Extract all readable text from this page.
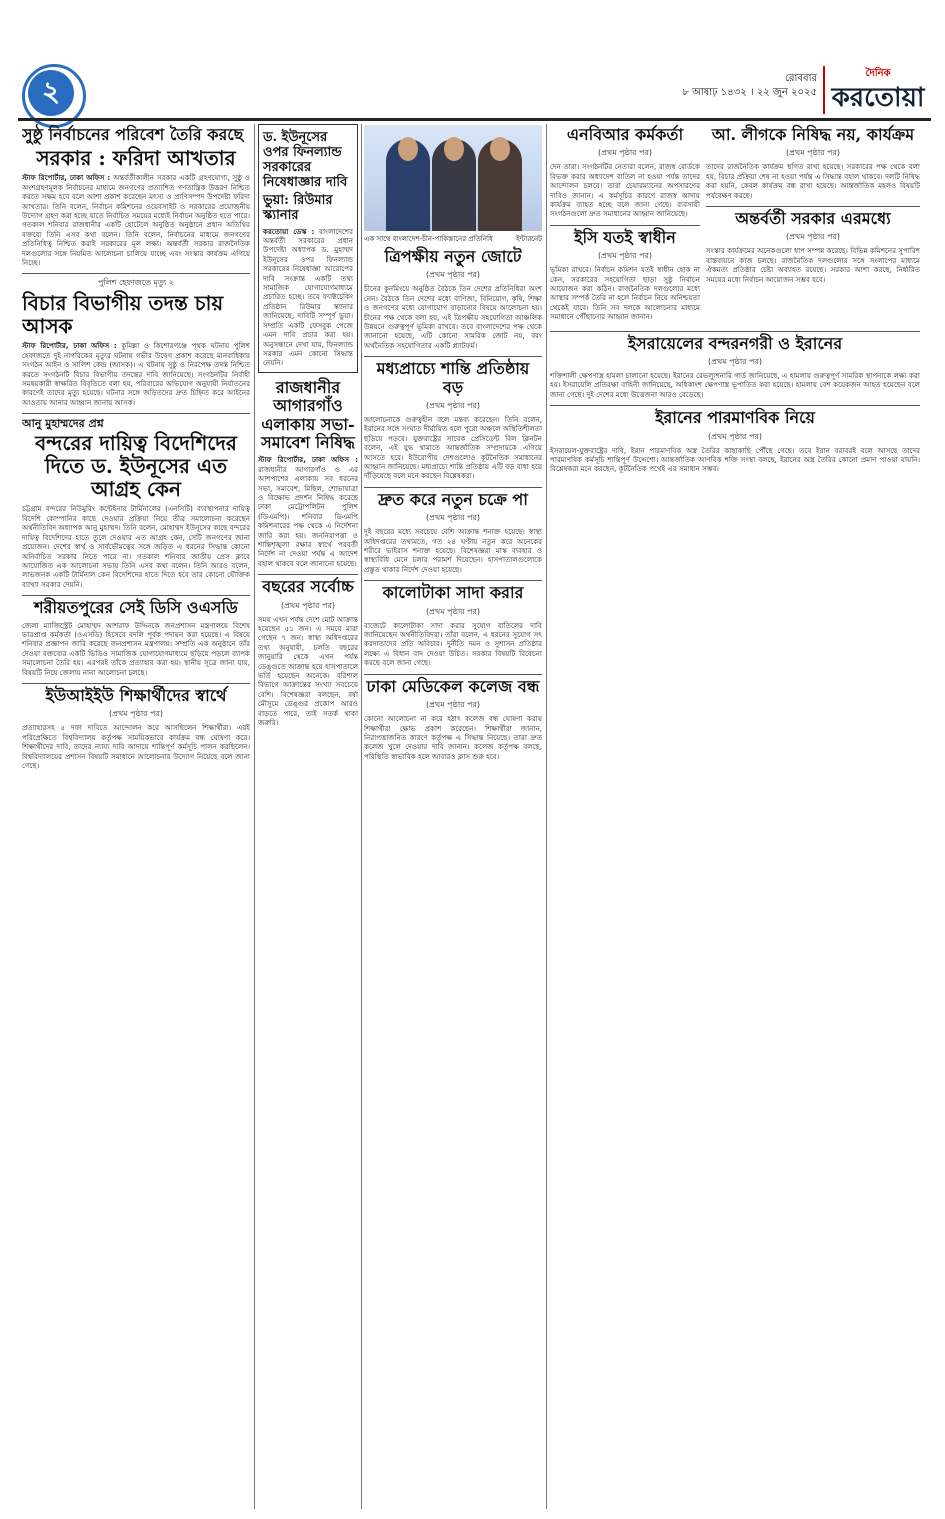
২	রোববার
৮ আষাঢ় ১৪৩২ । ২২ জুন ২০২৫
দৈনিক
করতোয়া
সুষ্ঠু নির্বাচনের পরিবেশ তৈরি করছে
সরকার : ফরিদা আখতার
স্টাফ রিপোর্টার, ঢাকা অফিস : অন্তর্বর্তীকালীন সরকার একটি গ্রহণযোগ্য, সুষ্ঠু ও অংশগ্রহণমূলক নির্বাচনের মাধ্যমে জনগণের প্রত্যাশিত গণতান্ত্রিক উত্তরণ নিশ্চিত করতে সক্ষম হবে বলে আশা প্রকাশ করেছেন মৎস্য ও প্রাণিসম্পদ উপদেষ্টা ফরিদা আখতার। তিনি বলেন, নির্বাচন কমিশনের ওয়েবসাইট ও সরকারের প্রয়োজনীয় উদ্যোগ গ্রহণ করা হচ্ছে যাতে নির্বাচিত সময়ের মধ্যেই নির্বাচন অনুষ্ঠিত হতে পারে। গতকাল শনিবার রাজধানীর একটি হোটেলে অনুষ্ঠিত অনুষ্ঠানে প্রধান অতিথির বক্তব্যে তিনি এসব কথা বলেন। তিনি বলেন, নির্বাচনের মাধ্যমে জনগণের প্রতিনিধিত্ব নিশ্চিত করাই সরকারের মূল লক্ষ্য। অন্তর্বর্তী সরকার রাজনৈতিক দলগুলোর সঙ্গে নিয়মিত আলোচনা চালিয়ে যাচ্ছে এবং সংস্কার কার্যক্রম এগিয়ে নিচ্ছে।
পুলিশ হেফাজতে মৃত্যু ২
বিচার বিভাগীয় তদন্ত চায় আসক
স্টাফ রিপোর্টার, ঢাকা অফিস : কুমিল্লা ও কিশোরগঞ্জে পৃথক ঘটনায় পুলিশ হেফাজতে দুই নাগরিকের মৃত্যুর ঘটনায় গভীর উদ্বেগ প্রকাশ করেছে মানবাধিকার সংগঠন আইন ও সালিশ কেন্দ্র (আসক)। এ ঘটনায় সুষ্ঠু ও নিরপেক্ষ তদন্ত নিশ্চিত করতে সংগঠনটি বিচার বিভাগীয় তদন্তের দাবি জানিয়েছে। সংগঠনটির নির্বাহী সমন্বয়কারী স্বাক্ষরিত বিবৃতিতে বলা হয়, পরিবারের অভিযোগ অনুযায়ী নির্যাতনের কারণেই তাদের মৃত্যু হয়েছে। ঘটনার সঙ্গে জড়িতদের দ্রুত চিহ্নিত করে আইনের আওতায় আনার আহ্বান জানায় আসক।
আনু মুহাম্মদের প্রশ্ন
বন্দরের দায়িত্ব বিদেশিদের দিতে ড. ইউনূসের এত আগ্রহ কেন
চট্টগ্রাম বন্দরের নিউমুরিং কন্টেইনার টার্মিনালের (এনসিটি) ব্যবস্থাপনার দায়িত্ব বিদেশি কোম্পানির কাছে দেওয়ার প্রক্রিয়া নিয়ে তীব্র সমালোচনা করেছেন অর্থনীতিবিদ অধ্যাপক আনু মুহাম্মদ। তিনি বলেন, মোহাম্মদ ইউনূসের কাছে বন্দরের দায়িত্ব বিদেশিদের হাতে তুলে দেওয়ার এত আগ্রহ কেন, সেটি জনগণের জানা প্রয়োজন। দেশের স্বার্থ ও সার্বভৌমত্বের সঙ্গে জড়িত এ ধরনের সিদ্ধান্ত কোনো অনির্বাচিত সরকার নিতে পারে না। গতকাল শনিবার জাতীয় প্রেস ক্লাবে আয়োজিত এক আলোচনা সভায় তিনি এসব কথা বলেন। তিনি আরও বলেন, লাভজনক একটি টার্মিনাল কেন বিদেশিদের হাতে দিতে হবে তার কোনো যৌক্তিক ব্যাখ্যা সরকার দেয়নি।
শরীয়তপুরের সেই ডিসি ওএসডি
জেলা ম্যাজিস্ট্রেট মোহাম্মদ আশরাফ উদ্দিনকে জনপ্রশাসন মন্ত্রণালয়ে বিশেষ ভারপ্রাপ্ত কর্মকর্তা (ওএসডি) হিসেবে বদলি পূর্বক পদায়ন করা হয়েছে। এ বিষয়ে শনিবার প্রজ্ঞাপন জারি করেছে জনপ্রশাসন মন্ত্রণালয়। সম্প্রতি এক অনুষ্ঠানে তাঁর দেওয়া বক্তব্যের একটি ভিডিও সামাজিক যোগাযোগমাধ্যমে ছড়িয়ে পড়লে ব্যাপক সমালোচনা তৈরি হয়। এরপরই তাঁকে প্রত্যাহার করা হয়। স্থানীয় সূত্রে জানা যায়, বিষয়টি নিয়ে জেলায় নানা আলোচনা চলছে।
ইউআইইউ শিক্ষার্থীদের স্বার্থে
(প্রথম পৃষ্ঠার পর)
প্রত্যাহারসহ ৫ দফা দাবিতে আন্দোলন করে আসছিলেন শিক্ষার্থীরা। এরই পরিপ্রেক্ষিতে বিশ্ববিদ্যালয় কর্তৃপক্ষ সাময়িকভাবে কার্যক্রম বন্ধ ঘোষণা করে। শিক্ষার্থীদের দাবি, তাদের ন্যায্য দাবি আদায়ে শান্তিপূর্ণ কর্মসূচি পালন করছিলেন। বিশ্ববিদ্যালয়ের প্রশাসন বিষয়টি সমাধানে আলোচনার উদ্যোগ নিয়েছে বলে জানা গেছে।
ড. ইউনূসের ওপর ফিনল্যান্ড সরকারের নিষেধাজ্ঞার দাবি
ভুয়া: রিউমার স্ক্যানার
করতোয়া ডেস্ক : বাংলাদেশের অন্তর্বর্তী সরকারের প্রধান উপদেষ্টা অধ্যাপক ড. মুহাম্মদ ইউনূসের ওপর ফিনল্যান্ড সরকারের নিষেধাজ্ঞা আরোপের দাবি সংক্রান্ত একটি তথ্য সামাজিক যোগাযোগমাধ্যমে প্রচারিত হচ্ছে। তবে ফ্যাক্টচেকিং প্রতিষ্ঠান রিউমার স্ক্যানার জানিয়েছে, দাবিটি সম্পূর্ণ ভুয়া। সম্প্রতি একটি ফেসবুক পেজে এমন দাবি প্রচার করা হয়। অনুসন্ধানে দেখা যায়, ফিনল্যান্ড সরকার এমন কোনো সিদ্ধান্ত নেয়নি।
রাজধানীর আগারগাঁও এলাকায় সভা-সমাবেশ নিষিদ্ধ
স্টাফ রিপোর্টার, ঢাকা অফিস : রাজধানীর আগারগাঁও ও এর আশপাশের এলাকায় সব ধরনের সভা, সমাবেশ, মিছিল, শোভাযাত্রা ও বিক্ষোভ প্রদর্শন নিষিদ্ধ করেছে ঢাকা মেট্রোপলিটন পুলিশ (ডিএমপি)। শনিবার ডিএমপি কমিশনারের পক্ষ থেকে এ নির্দেশনা জারি করা হয়। জননিরাপত্তা ও শান্তিশৃঙ্খলা রক্ষার স্বার্থে পরবর্তী নির্দেশ না দেওয়া পর্যন্ত এ আদেশ বহাল থাকবে বলে জানানো হয়েছে।
বছরের সর্বোচ্চ
(প্রথম পৃষ্ঠার পর)
সময় এখন পর্যন্ত দেশে মোট আক্রান্ত হয়েছেন ৫১ জন। এ সময়ে মারা গেছেন ৭ জন। স্বাস্থ্য অধিদপ্তরের তথ্য অনুযায়ী, চলতি বছরের জানুয়ারি থেকে এখন পর্যন্ত ডেঙ্গুতে আক্রান্ত হয়ে হাসপাতালে ভর্তি হয়েছেন অনেকে। বরিশাল বিভাগে আক্রান্তের সংখ্যা সবচেয়ে বেশি। বিশেষজ্ঞরা বলছেন, বর্ষা মৌসুমে ডেঙ্গুর প্রকোপ আরও বাড়তে পারে, তাই সতর্ক থাকা জরুরি।
এক সাথে বাংলাদেশ-চীন-পাকিস্তানের প্রতিনিধি	ইন্টারনেট
ত্রিপক্ষীয় নতুন জোটে
(প্রথম পৃষ্ঠার পর)
চীনের কুনমিংয়ে অনুষ্ঠিত বৈঠকে তিন দেশের প্রতিনিধিরা অংশ নেন। বৈঠকে তিন দেশের মধ্যে বাণিজ্য, বিনিয়োগ, কৃষি, শিক্ষা ও জনগণের মধ্যে যোগাযোগ বাড়ানোর বিষয়ে আলোচনা হয়। চীনের পক্ষ থেকে বলা হয়, এই ত্রিপক্ষীয় সহযোগিতা আঞ্চলিক উন্নয়নে গুরুত্বপূর্ণ ভূমিকা রাখবে। তবে বাংলাদেশের পক্ষ থেকে জানানো হয়েছে, এটি কোনো সামরিক জোট নয়, বরং অর্থনৈতিক সহযোগিতার একটি প্ল্যাটফর্ম।
মধ্যপ্রাচ্যে শান্তি প্রতিষ্ঠায় বড়
(প্রথম পৃষ্ঠার পর)
আলোচনাকে গুরুত্বহীন বলে মন্তব্য করেছেন। তিনি বলেন, ইরানের সঙ্গে সংঘাত দীর্ঘায়িত হলে পুরো অঞ্চলে অস্থিতিশীলতা ছড়িয়ে পড়বে। যুক্তরাষ্ট্রের সাবেক প্রেসিডেন্ট বিল ক্লিনটন বলেন, এই যুদ্ধ থামাতে আন্তর্জাতিক সম্প্রদায়কে এগিয়ে আসতে হবে। ইউরোপীয় দেশগুলোও কূটনৈতিক সমাধানের আহ্বান জানিয়েছে। মধ্যপ্রাচ্যে শান্তি প্রতিষ্ঠায় এটি বড় বাধা হয়ে দাঁড়িয়েছে বলে মনে করছেন বিশ্লেষকরা।
দ্রুত করে নতুন চক্রে পা
(প্রথম পৃষ্ঠার পর)
দুই বছরের মধ্যে সবচেয়ে বেশি আক্রান্ত শনাক্ত হয়েছে। স্বাস্থ্য অধিদপ্তরের তথ্যমতে, গত ২৪ ঘণ্টায় নতুন করে অনেকের শরীরে ভাইরাস শনাক্ত হয়েছে। বিশেষজ্ঞরা মাস্ক ব্যবহার ও স্বাস্থ্যবিধি মেনে চলার পরামর্শ দিয়েছেন। হাসপাতালগুলোকে প্রস্তুত থাকার নির্দেশ দেওয়া হয়েছে।
কালোটাকা সাদা করার
(প্রথম পৃষ্ঠার পর)
বাজেটে কালোটাকা সাদা করার সুযোগ বাতিলের দাবি জানিয়েছেন অর্থনীতিবিদরা। তাঁরা বলেন, এ ধরনের সুযোগ সৎ করদাতাদের প্রতি অবিচার। দুর্নীতি দমন ও সুশাসন প্রতিষ্ঠার লক্ষ্যে এ বিধান বাদ দেওয়া উচিত। সরকার বিষয়টি বিবেচনা করছে বলে জানা গেছে।
ঢাকা মেডিকেল কলেজ বন্ধ
(প্রথম পৃষ্ঠার পর)
কোনো আলোচনা না করে হঠাৎ কলেজ বন্ধ ঘোষণা করায় শিক্ষার্থীরা ক্ষোভ প্রকাশ করেছেন। শিক্ষার্থীরা জানান, নিরাপত্তাজনিত কারণে কর্তৃপক্ষ এ সিদ্ধান্ত নিয়েছে। তারা দ্রুত কলেজ খুলে দেওয়ার দাবি জানান। কলেজ কর্তৃপক্ষ বলছে, পরিস্থিতি স্বাভাবিক হলে আবারও ক্লাস শুরু হবে।
এনবিআর কর্মকর্তা
(প্রথম পৃষ্ঠার পর)
দেন তারা। সংগঠনটির নেতারা বলেন, রাজস্ব বোর্ডকে বিভক্ত করার অধ্যাদেশ বাতিল না হওয়া পর্যন্ত তাদের আন্দোলন চলবে। তারা চেয়ারম্যানের অপসারণের দাবিও জানান। এ কর্মসূচির কারণে রাজস্ব আদায় কার্যক্রম ব্যাহত হচ্ছে বলে জানা গেছে। ব্যবসায়ী সংগঠনগুলো দ্রুত সমাধানের আহ্বান জানিয়েছে।
ইসি যতই স্বাধীন
(প্রথম পৃষ্ঠার পর)
ভূমিকা রাখবে। নির্বাচন কমিশন যতই স্বাধীন হোক না কেন, সরকারের সহযোগিতা ছাড়া সুষ্ঠু নির্বাচন আয়োজন করা কঠিন। রাজনৈতিক দলগুলোর মধ্যে আস্থার সম্পর্ক তৈরি না হলে নির্বাচন নিয়ে অনিশ্চয়তা থেকেই যাবে। তিনি সব দলকে আলোচনার মাধ্যমে সমাধানে পৌঁছানোর আহ্বান জানান।
আ. লীগকে নিষিদ্ধ নয়, কার্যক্রম
(প্রথম পৃষ্ঠার পর)
তাদের রাজনৈতিক কার্যক্রম স্থগিত রাখা হয়েছে। সরকারের পক্ষ থেকে বলা হয়, বিচার প্রক্রিয়া শেষ না হওয়া পর্যন্ত এ সিদ্ধান্ত বহাল থাকবে। দলটি নিষিদ্ধ করা হয়নি, কেবল কার্যক্রম বন্ধ রাখা হয়েছে। আন্তর্জাতিক মহলও বিষয়টি পর্যবেক্ষণ করছে।
অন্তর্বর্তী সরকার এরমধ্যে
(প্রথম পৃষ্ঠার পর)
সংস্কার কার্যক্রমের অনেকগুলো ধাপ সম্পন্ন করেছে। বিভিন্ন কমিশনের সুপারিশ বাস্তবায়নে কাজ চলছে। রাজনৈতিক দলগুলোর সঙ্গে সংলাপের মাধ্যমে ঐকমত্য প্রতিষ্ঠার চেষ্টা অব্যাহত রয়েছে। সরকার আশা করছে, নির্ধারিত সময়ের মধ্যে নির্বাচন আয়োজন সম্ভব হবে।
ইসরায়েলের বন্দরনগরী ও ইরানের
(প্রথম পৃষ্ঠার পর)
শক্তিশালী ক্ষেপণাস্ত্র হামলা চালানো হয়েছে। ইরানের রেভল্যুশনারি গার্ড জানিয়েছে, এ হামলায় গুরুত্বপূর্ণ সামরিক স্থাপনাকে লক্ষ্য করা হয়। ইসরায়েলি প্রতিরক্ষা বাহিনী জানিয়েছে, অধিকাংশ ক্ষেপণাস্ত্র ভূপাতিত করা হয়েছে। হামলায় বেশ কয়েকজন আহত হয়েছেন বলে জানা গেছে। দুই দেশের মধ্যে উত্তেজনা আরও বেড়েছে।
ইরানের পারমাণবিক নিয়ে
(প্রথম পৃষ্ঠার পর)
ইসরায়েল-যুক্তরাষ্ট্রের দাবি, ইরান পারমাণবিক অস্ত্র তৈরির কাছাকাছি পৌঁছে গেছে। তবে ইরান বরাবরই বলে আসছে তাদের পারমাণবিক কর্মসূচি শান্তিপূর্ণ উদ্দেশ্যে। আন্তর্জাতিক আণবিক শক্তি সংস্থা বলছে, ইরানের অস্ত্র তৈরির কোনো প্রমাণ পাওয়া যায়নি। বিশ্লেষকরা মনে করছেন, কূটনৈতিক পথেই এর সমাধান সম্ভব।
